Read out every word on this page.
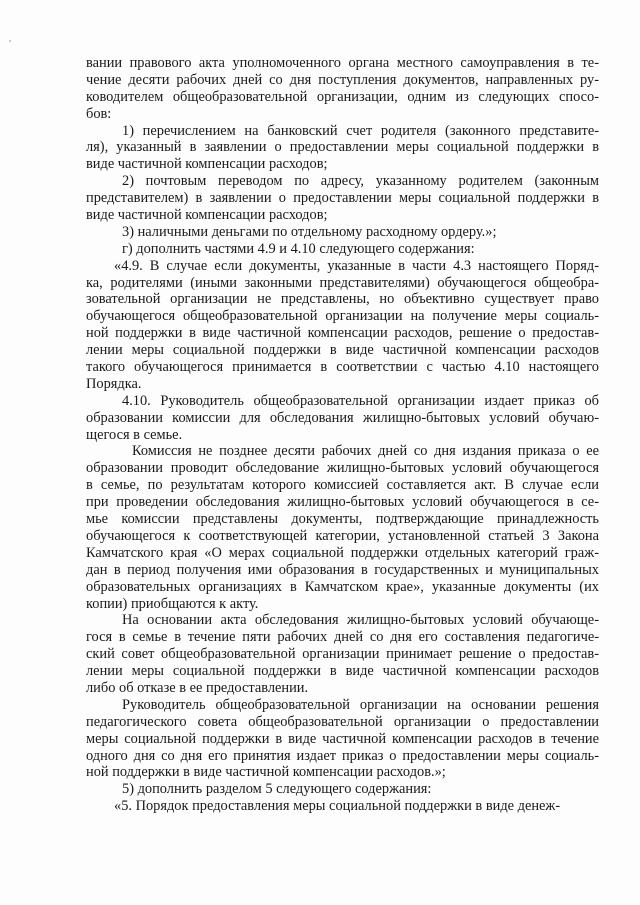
вании правового акта уполномоченного органа местного самоуправления в те-
чение десяти рабочих дней со дня поступления документов, направленных ру-
ководителем общеобразовательной организации, одним из следующих спосо-
бов:
1) перечислением на банковский счет родителя (законного представите-
ля), указанный в заявлении о предоставлении меры социальной поддержки в
виде частичной компенсации расходов;
2) почтовым переводом по адресу, указанному родителем (законным
представителем) в заявлении о предоставлении меры социальной поддержки в
виде частичной компенсации расходов;
3) наличными деньгами по отдельному расходному ордеру.»;
г) дополнить частями 4.9 и 4.10 следующего содержания:
«4.9. В случае если документы, указанные в части 4.3 настоящего Поряд-
ка, родителями (иными законными представителями) обучающегося общеобра-
зовательной организации не представлены, но объективно существует право
обучающегося общеобразовательной организации на получение меры социаль-
ной поддержки в виде частичной компенсации расходов, решение о предостав-
лении меры социальной поддержки в виде частичной компенсации расходов
такого обучающегося принимается в соответствии с частью 4.10 настоящего
Порядка.
4.10. Руководитель общеобразовательной организации издает приказ об
образовании комиссии для обследования жилищно-бытовых условий обучаю-
щегося в семье.
Комиссия не позднее десяти рабочих дней со дня издания приказа о ее
образовании проводит обследование жилищно-бытовых условий обучающегося
в семье, по результатам которого комиссией составляется акт. В случае если
при проведении обследования жилищно-бытовых условий обучающегося в се-
мье комиссии представлены документы, подтверждающие принадлежность
обучающегося к соответствующей категории, установленной статьей 3 Закона
Камчатского края «О мерах социальной поддержки отдельных категорий граж-
дан в период получения ими образования в государственных и муниципальных
образовательных организациях в Камчатском крае», указанные документы (их
копии) приобщаются к акту.
На основании акта обследования жилищно-бытовых условий обучающе-
гося в семье в течение пяти рабочих дней со дня его составления педагогиче-
ский совет общеобразовательной организации принимает решение о предостав-
лении меры социальной поддержки в виде частичной компенсации расходов
либо об отказе в ее предоставлении.
Руководитель общеобразовательной организации на основании решения
педагогического совета общеобразовательной организации о предоставлении
меры социальной поддержки в виде частичной компенсации расходов в течение
одного дня со дня его принятия издает приказ о предоставлении меры социаль-
ной поддержки в виде частичной компенсации расходов.»;
5) дополнить разделом 5 следующего содержания:
«5. Порядок предоставления меры социальной поддержки в виде денеж-
